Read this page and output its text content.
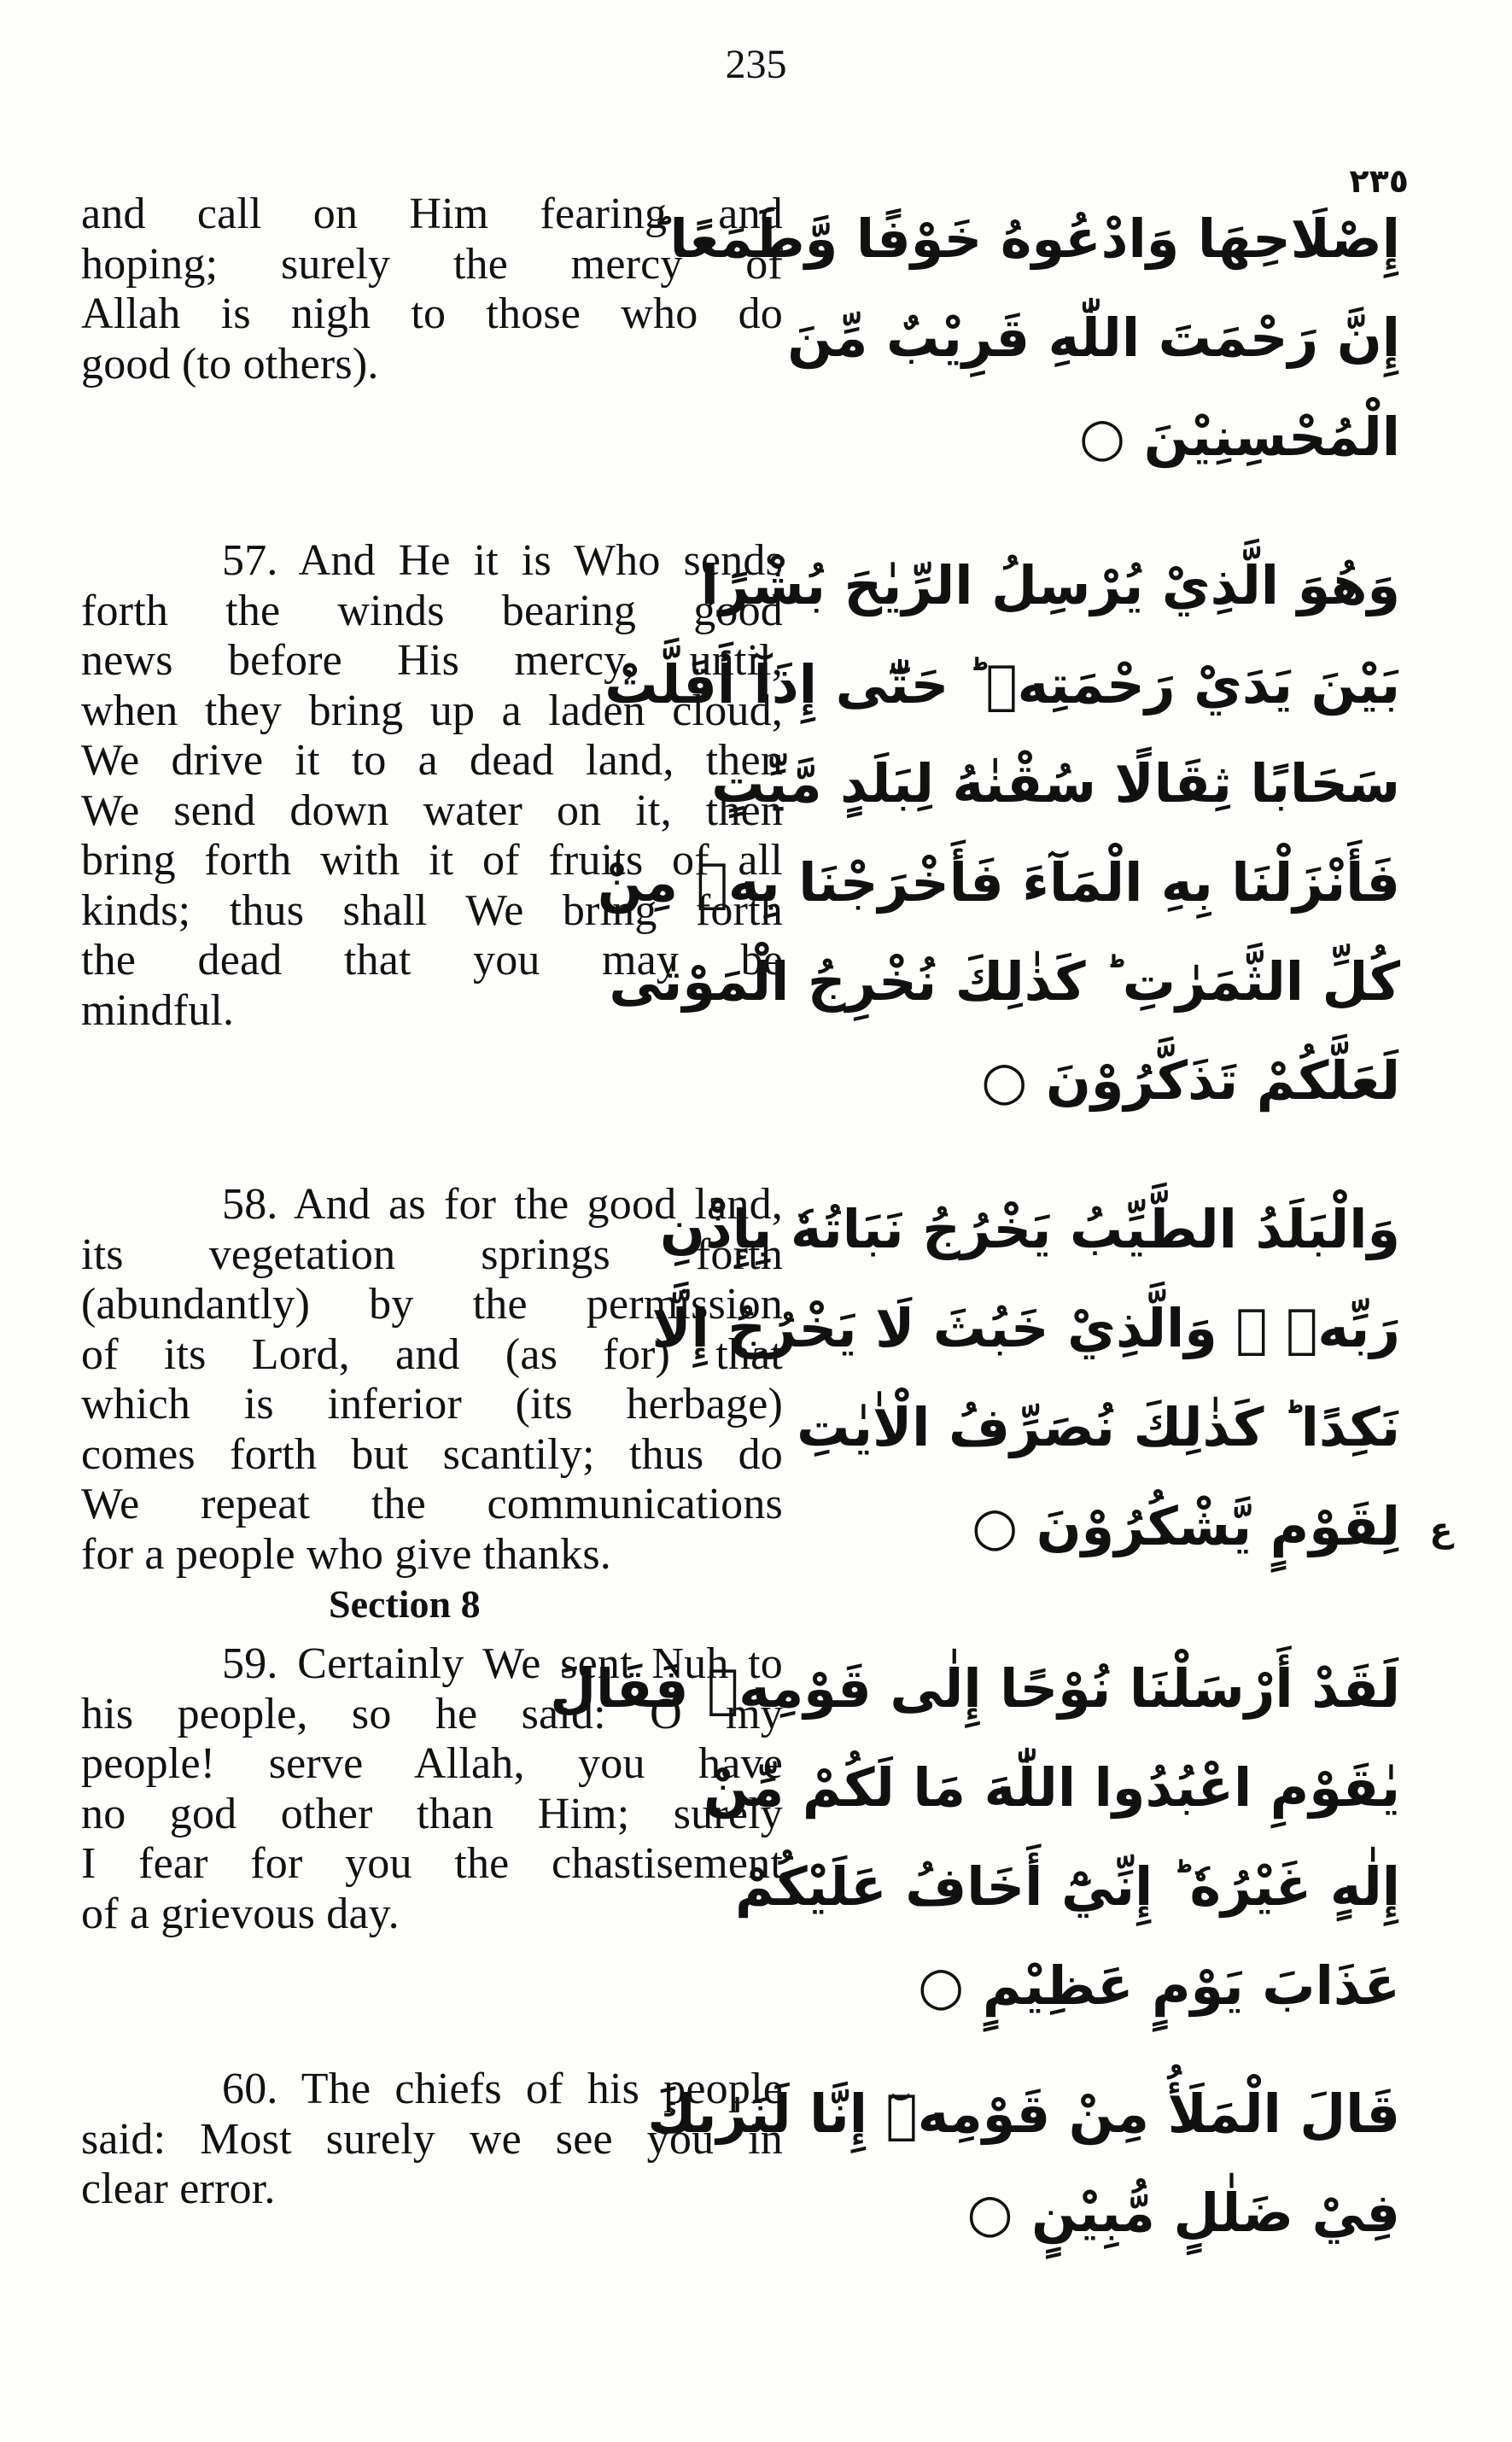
235
٢٣٥
and call on Him fearing and
hoping; surely the mercy of
Allah is nigh to those who do
good (to others).
57. And He it is Who sends
forth the winds bearing good
news before His mercy, until,
when they bring up a laden cloud,
We drive it to a dead land, then
We send down water on it, then
bring forth with it of fruits of all
kinds; thus shall We bring forth
the dead that you may be
mindful.
58. And as for the good land,
its vegetation springs forth
(abundantly) by the permission
of its Lord, and (as for) that
which is inferior (its herbage)
comes forth but scantily; thus do
We repeat the communications
for a people who give thanks.
Section 8
59. Certainly We sent Nuh to
his people, so he said: O my
people! serve Allah, you have
no god other than Him; surely
I fear for you the chastisement
of a grievous day.
60. The chiefs of his people
said: Most surely we see you in
clear error.
إِصْلَاحِهَا وَادْعُوهُ خَوْفًا وَّطَمَعًا ؕ
إِنَّ رَحْمَتَ اللّٰهِ قَرِيْبٌ مِّنَ
الْمُحْسِنِيْنَ ○
وَهُوَ الَّذِيْ يُرْسِلُ الرِّيٰحَ بُشْرًا
بَيْنَ يَدَيْ رَحْمَتِهٖ ؕ حَتّٰٓى إِذَآ أَقَلَّتْ
سَحَابًا ثِقَالًا سُقْنٰهُ لِبَلَدٍ مَّيِّتٍ
فَأَنْزَلْنَا بِهِ الْمَآءَ فَأَخْرَجْنَا بِهٖ مِنْ
كُلِّ الثَّمَرٰتِ ؕ كَذٰلِكَ نُخْرِجُ الْمَوْتٰى
لَعَلَّكُمْ تَذَكَّرُوْنَ ○
وَالْبَلَدُ الطَّيِّبُ يَخْرُجُ نَبَاتُهٗ بِإِذْنِ
رَبِّهٖ ۚ وَالَّذِيْ خَبُثَ لَا يَخْرُجُ إِلَّا
نَكِدًا ؕ كَذٰلِكَ نُصَرِّفُ الْاٰيٰتِ
لِقَوْمٍ يَّشْكُرُوْنَ ○ ع
لَقَدْ أَرْسَلْنَا نُوْحًا إِلٰى قَوْمِهٖ فَقَالَ
يٰقَوْمِ اعْبُدُوا اللّٰهَ مَا لَكُمْ مِّنْ
إِلٰهٍ غَيْرُهٗ ؕ إِنِّيْٓ أَخَافُ عَلَيْكُمْ
عَذَابَ يَوْمٍ عَظِيْمٍ ○
قَالَ الْمَلَأُ مِنْ قَوْمِهٖٓ إِنَّا لَنَرٰىكَ
فِيْ ضَلٰلٍ مُّبِيْنٍ ○
